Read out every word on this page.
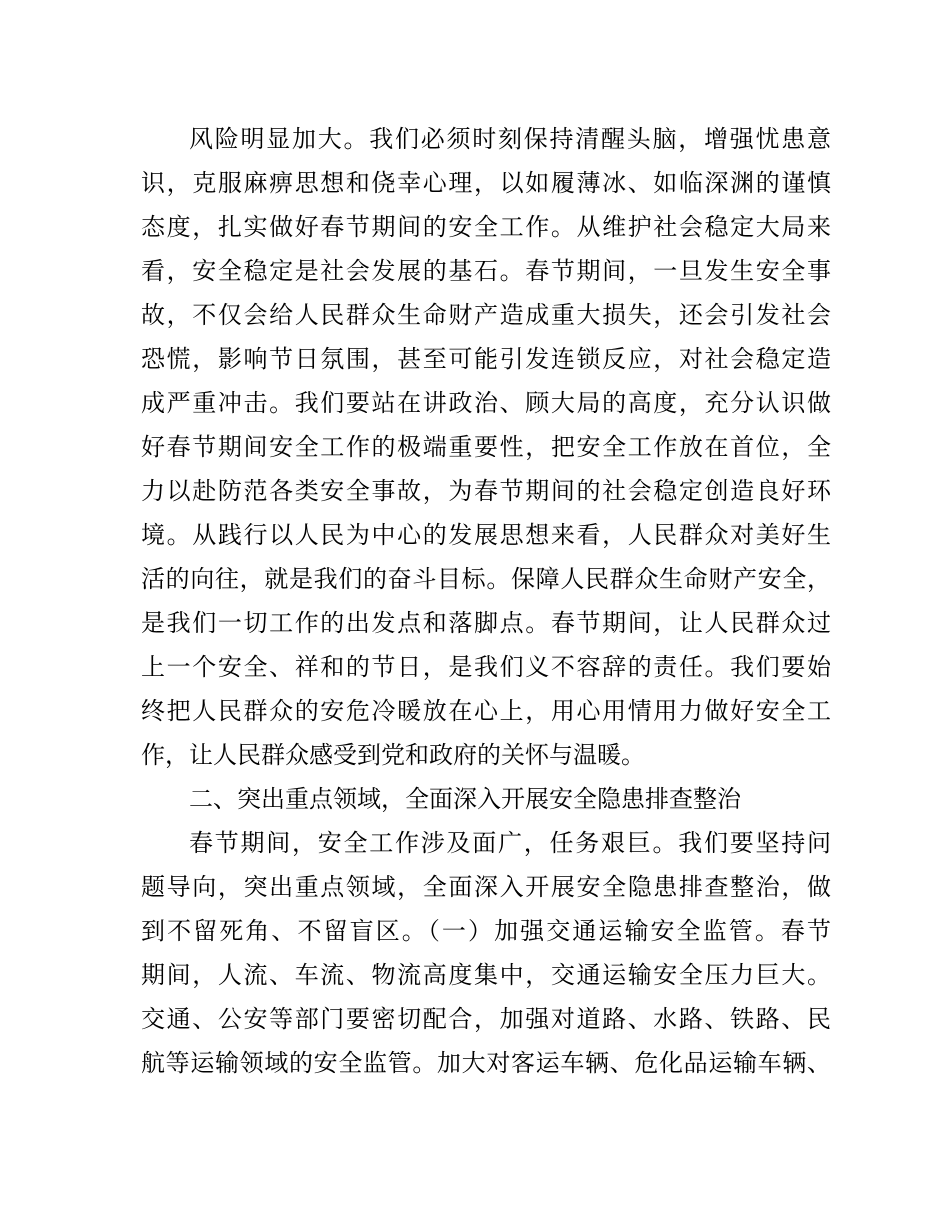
风险明显加大。我们必须时刻保持清醒头脑，增强忧患意
识，克服麻痹思想和侥幸心理，以如履薄冰、如临深渊的谨慎
态度，扎实做好春节期间的安全工作。从维护社会稳定大局来
看，安全稳定是社会发展的基石。春节期间，一旦发生安全事
故，不仅会给人民群众生命财产造成重大损失，还会引发社会
恐慌，影响节日氛围，甚至可能引发连锁反应，对社会稳定造
成严重冲击。我们要站在讲政治、顾大局的高度，充分认识做
好春节期间安全工作的极端重要性，把安全工作放在首位，全
力以赴防范各类安全事故，为春节期间的社会稳定创造良好环
境。从践行以人民为中心的发展思想来看，人民群众对美好生
活的向往，就是我们的奋斗目标。保障人民群众生命财产安全，
是我们一切工作的出发点和落脚点。春节期间，让人民群众过
上一个安全、祥和的节日，是我们义不容辞的责任。我们要始
终把人民群众的安危冷暖放在心上，用心用情用力做好安全工
作，让人民群众感受到党和政府的关怀与温暖。
二、突出重点领域，全面深入开展安全隐患排查整治
春节期间，安全工作涉及面广，任务艰巨。我们要坚持问
题导向，突出重点领域，全面深入开展安全隐患排查整治，做
到不留死角、不留盲区。（一）加强交通运输安全监管。春节
期间，人流、车流、物流高度集中，交通运输安全压力巨大。
交通、公安等部门要密切配合，加强对道路、水路、铁路、民
航等运输领域的安全监管。加大对客运车辆、危化品运输车辆、
